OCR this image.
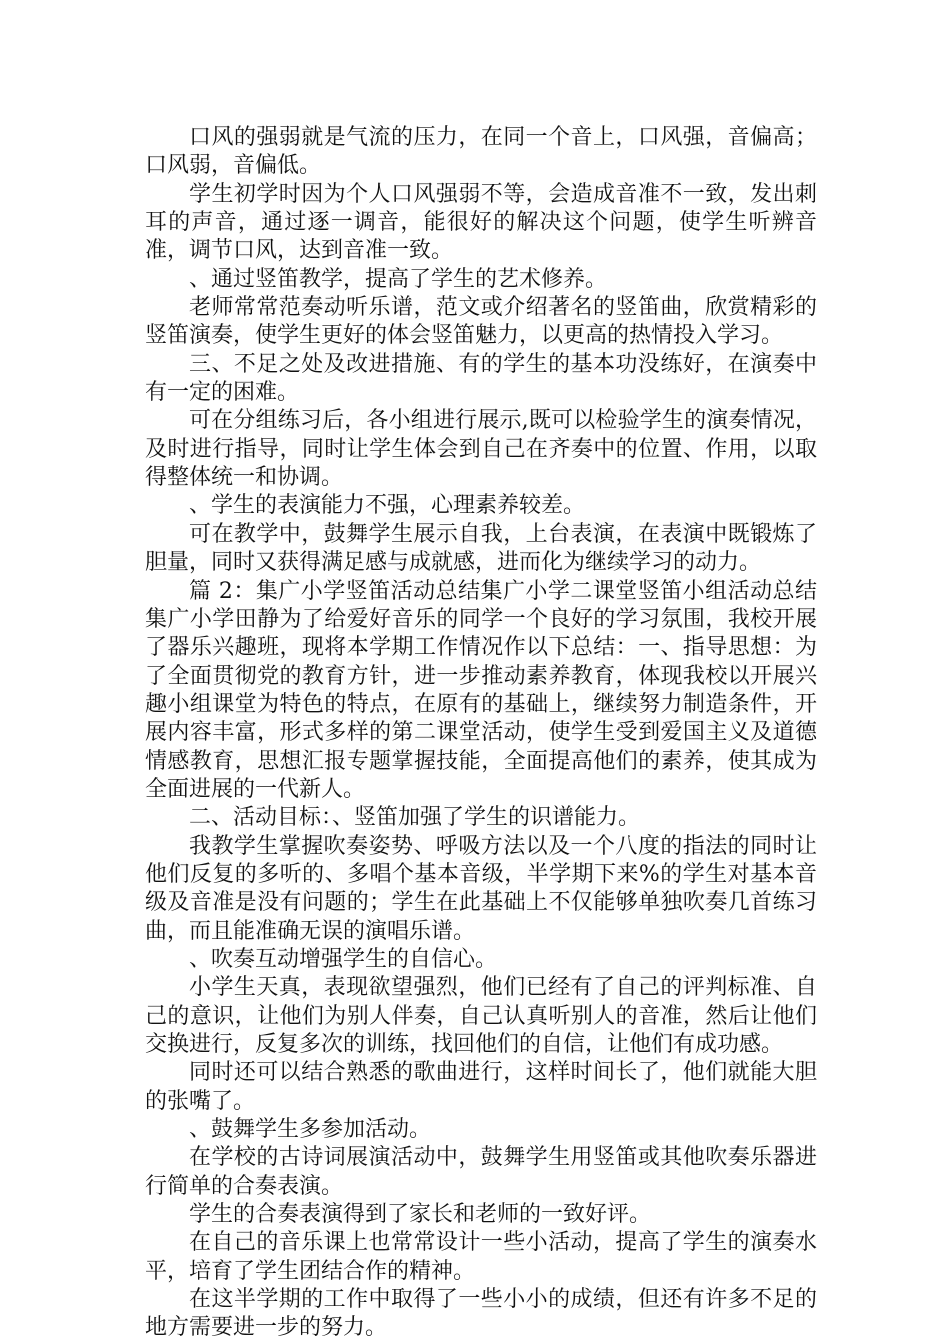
口风的强弱就是气流的压力，在同一个音上，口风强，音偏高；口风弱，音偏低。

学生初学时因为个人口风强弱不等，会造成音准不一致，发出刺耳的声音，通过逐一调音，能很好的解决这个问题，使学生听辨音准，调节口风，达到音准一致。

、通过竖笛教学，提高了学生的艺术修养。

老师常常范奏动听乐谱，范文或介绍著名的竖笛曲，欣赏精彩的竖笛演奏，使学生更好的体会竖笛魅力，以更高的热情投入学习。

三、不足之处及改进措施、有的学生的基本功没练好，在演奏中有一定的困难。

可在分组练习后，各小组进行展示,既可以检验学生的演奏情况，及时进行指导，同时让学生体会到自己在齐奏中的位置、作用，以取得整体统一和协调。

、学生的表演能力不强，心理素养较差。

可在教学中，鼓舞学生展示自我，上台表演，在表演中既锻炼了胆量，同时又获得满足感与成就感，进而化为继续学习的动力。

篇 2：集广小学竖笛活动总结集广小学二课堂竖笛小组活动总结集广小学田静为了给爱好音乐的同学一个良好的学习氛围，我校开展了器乐兴趣班，现将本学期工作情况作以下总结：一、指导思想：为了全面贯彻党的教育方针，进一步推动素养教育，体现我校以开展兴趣小组课堂为特色的特点，在原有的基础上，继续努力制造条件，开展内容丰富，形式多样的第二课堂活动，使学生受到爱国主义及道德情感教育，思想汇报专题掌握技能，全面提高他们的素养，使其成为全面进展的一代新人。

二、活动目标：、竖笛加强了学生的识谱能力。

我教学生掌握吹奏姿势、呼吸方法以及一个八度的指法的同时让他们反复的多听的、多唱个基本音级，半学期下来%的学生对基本音级及音准是没有问题的；学生在此基础上不仅能够单独吹奏几首练习曲，而且能准确无误的演唱乐谱。

、吹奏互动增强学生的自信心。

小学生天真，表现欲望强烈，他们已经有了自己的评判标准、自己的意识，让他们为别人伴奏，自己认真听别人的音准，然后让他们交换进行，反复多次的训练，找回他们的自信，让他们有成功感。

同时还可以结合熟悉的歌曲进行，这样时间长了，他们就能大胆的张嘴了。

、鼓舞学生多参加活动。

在学校的古诗词展演活动中，鼓舞学生用竖笛或其他吹奏乐器进行简单的合奏表演。

学生的合奏表演得到了家长和老师的一致好评。

在自己的音乐课上也常常设计一些小活动，提高了学生的演奏水平，培育了学生团结合作的精神。

在这半学期的工作中取得了一些小小的成绩，但还有许多不足的地方需要进一步的努力。
